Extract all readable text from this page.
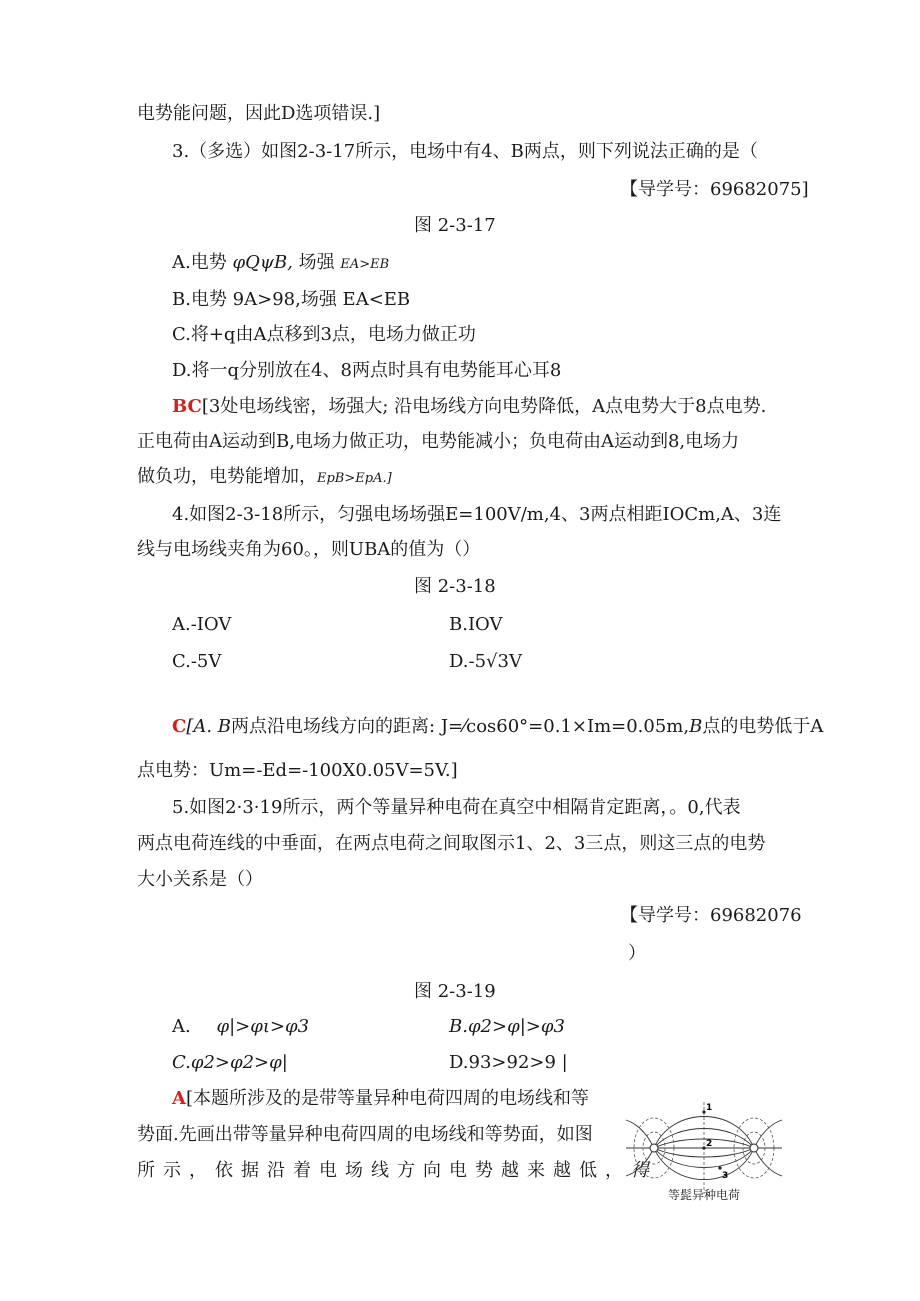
电势能问题，因此D选项错误.]
3.（多选）如图2-3-17所示，电场中有4、B两点，则下列说法正确的是（
【导学号：69682075]
图 2-3-17
A.电势 φQψB, 场强 EA>EB
B.电势 9A>98,场强 EA<EB
C.将+q由A点移到3点，电场力做正功
D.将一q分别放在4、8两点时具有电势能耳心耳8
BC[3处电场线密，场强大; 沿电场线方向电势降低，A点电势大于8点电势.
正电荷由A运动到B,电场力做正功，电势能减小；负电荷由A运动到8,电场力
做负功，电势能增加，EpB>EpA.]
4.如图2-3-18所示，匀强电场场强E=100V/m,4、3两点相距IOCm,A、3连
线与电场线夹角为60。，则UBA的值为（）
图 2-3-18
A.-IOV	B.IOV
C.-5V	D.-5√3V
C[A. B两点沿电场线方向的距离: J=⁄cos60°=0.1×Im=0.05m,B点的电势低于A
点电势：Um=-Ed=-100X0.05V=5V.]
5.如图2·3·19所示，两个等量异种电荷在真空中相隔肯定距离，。0,代表
两点电荷连线的中垂面，在两点电荷之间取图示1、2、3三点，则这三点的电势
大小关系是（）
【导学号：69682076
）
图 2-3-19
A. φ|>φι>φ3	B.φ2>φ|>φ3
C.φ2>φ2>φ|	D.93>92>9 |
A[本题所涉及的是带等量异种电荷四周的电场线和等
势面.先画出带等量异种电荷四周的电场线和等势面，如图
所示，依据沿着电场线方向电势越来越低，得
1
2
3
等髭异种电荷
